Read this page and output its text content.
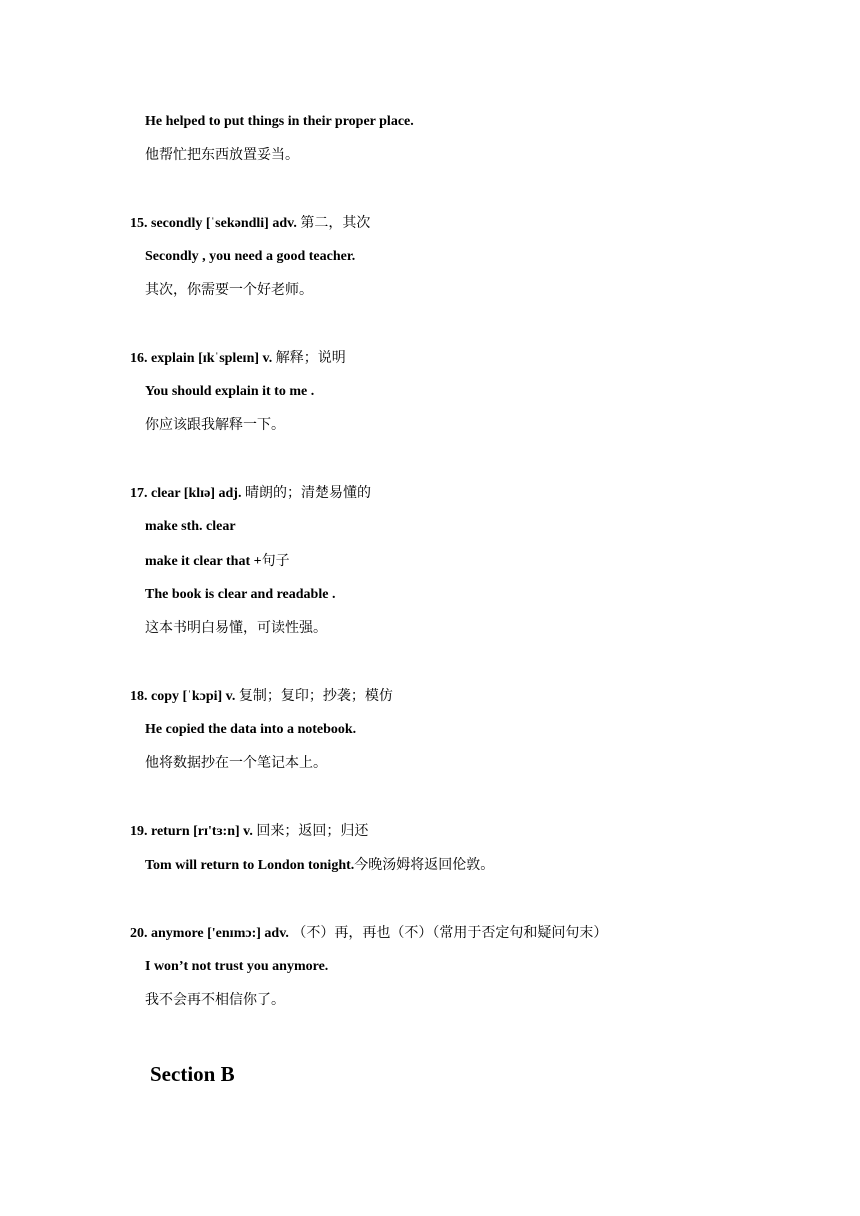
He helped to put things in their proper place.
他帮忙把东西放置妥当。
15. secondly [ˈsekəndli] adv. 第二，其次
Secondly , you need a good teacher.
其次，你需要一个好老师。
16. explain [ɪkˈspleɪn] v. 解释；说明
You should explain it to me .
你应该跟我解释一下。
17. clear [klɪə] adj. 晴朗的；清楚易懂的
make sth. clear
make it clear that +句子
The book is clear and readable .
这本书明白易懂，可读性强。
18. copy [ˈkɔpi] v. 复制；复印；抄袭；模仿
He copied the data into a notebook.
他将数据抄在一个笔记本上。
19. return [rɪ'tɜ:n] v. 回来；返回；归还
Tom will return to London tonight.今晚汤姆将返回伦敦。
20. anymore ['enɪmɔ:] adv. （不）再，再也（不）（常用于否定句和疑问句末）
I won’t not trust you anymore.
我不会再不相信你了。
Section B
